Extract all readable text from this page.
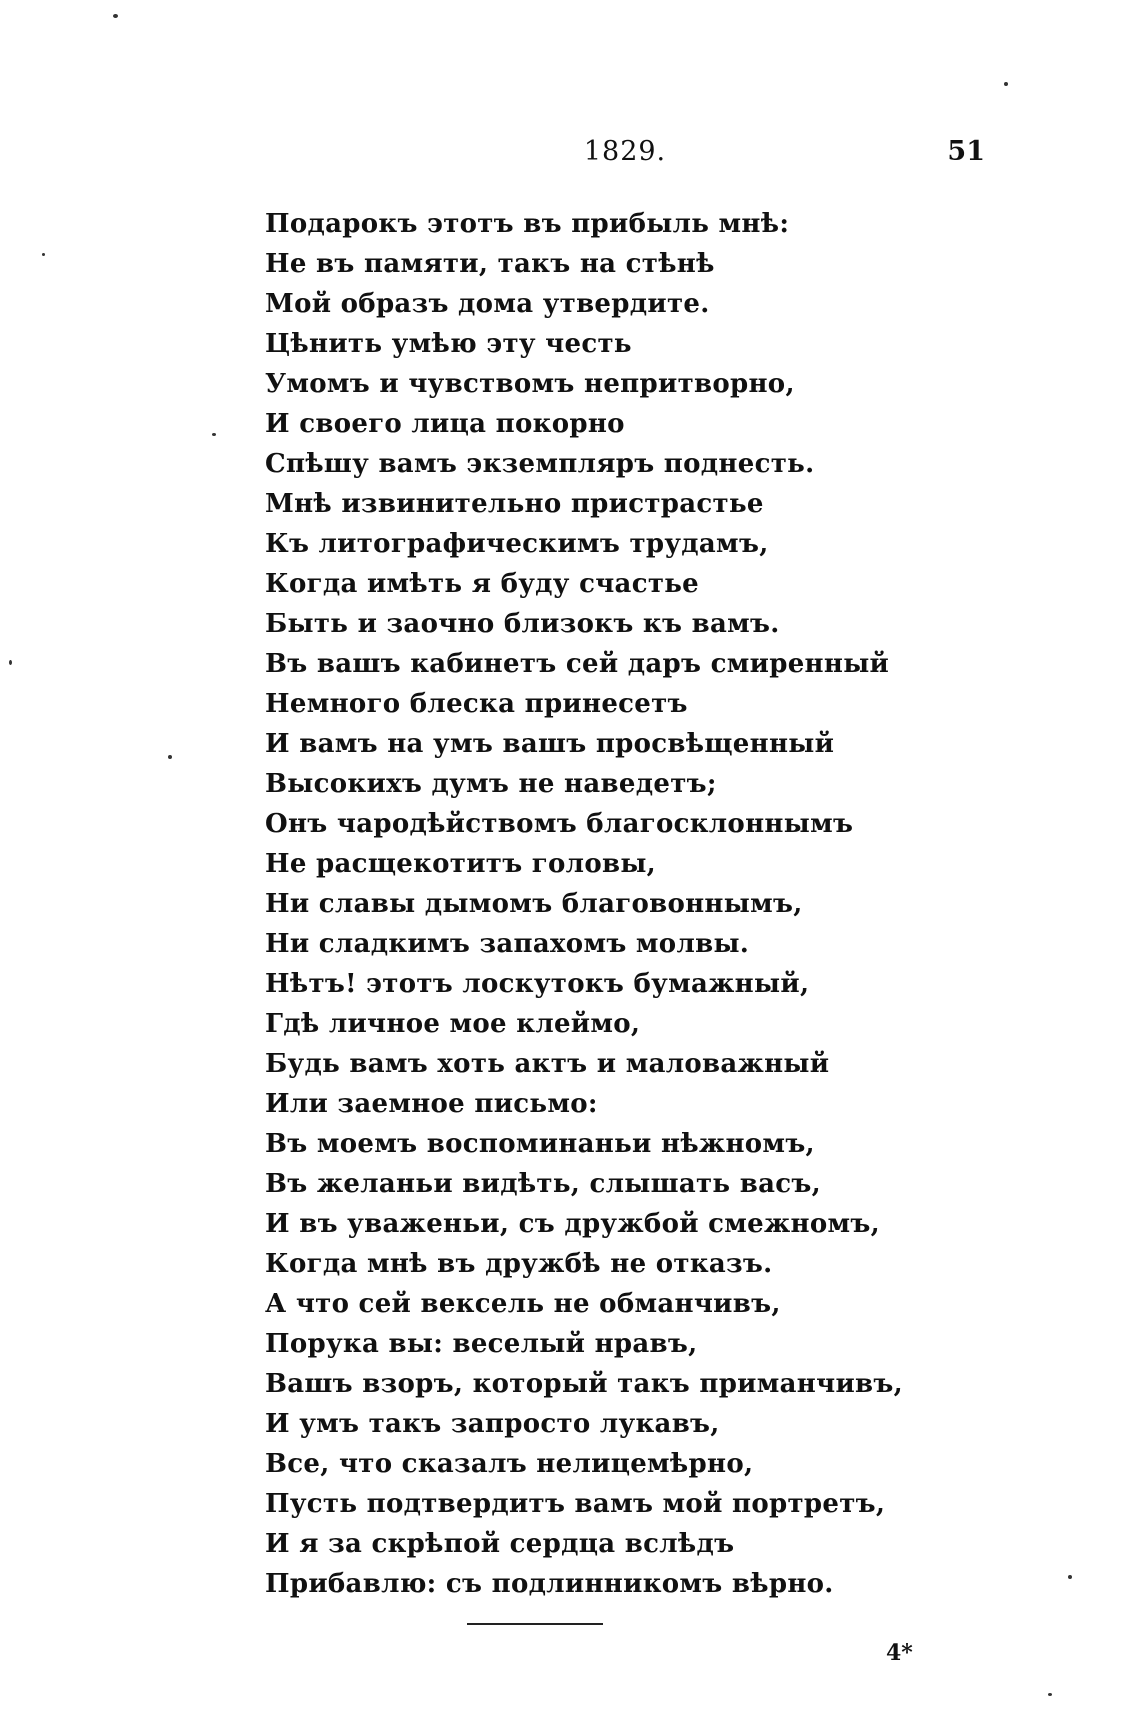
1829.	51
Подарокъ этотъ въ прибыль мнѣ:
Не въ памяти, такъ на стѣнѣ
Мой образъ дома утвердите.
Цѣнить умѣю эту честь
Умомъ и чувствомъ непритворно,
И своего лица покорно
Спѣшу вамъ экземпляръ поднесть.
Мнѣ извинительно пристрастье
Къ литографическимъ трудамъ,
Когда имѣть я буду счастье
Быть и заочно близокъ къ вамъ.
Въ вашъ кабинетъ сей даръ смиренный
Немного блеска принесетъ
И вамъ на умъ вашъ просвѣщенный
Высокихъ думъ не наведетъ;
Онъ чародѣйствомъ благосклоннымъ
Не расщекотитъ головы,
Ни славы дымомъ благовоннымъ,
Ни сладкимъ запахомъ молвы.
Нѣтъ! этотъ лоскутокъ бумажный,
Гдѣ личное мое клеймо,
Будь вамъ хоть актъ и маловажный
Или заемное письмо:
Въ моемъ воспоминаньи нѣжномъ,
Въ желаньи видѣть, слышать васъ,
И въ уваженьи, съ дружбой смежномъ,
Когда мнѣ въ дружбѣ не отказъ.
А что сей вексель не обманчивъ,
Порука вы: веселый нравъ,
Вашъ взоръ, который такъ приманчивъ,
И умъ такъ запросто лукавъ,
Все, что сказалъ нелицемѣрно,
Пусть подтвердитъ вамъ мой портретъ,
И я за скрѣпой сердца вслѣдъ
Прибавлю: съ подлинникомъ вѣрно.
4*
